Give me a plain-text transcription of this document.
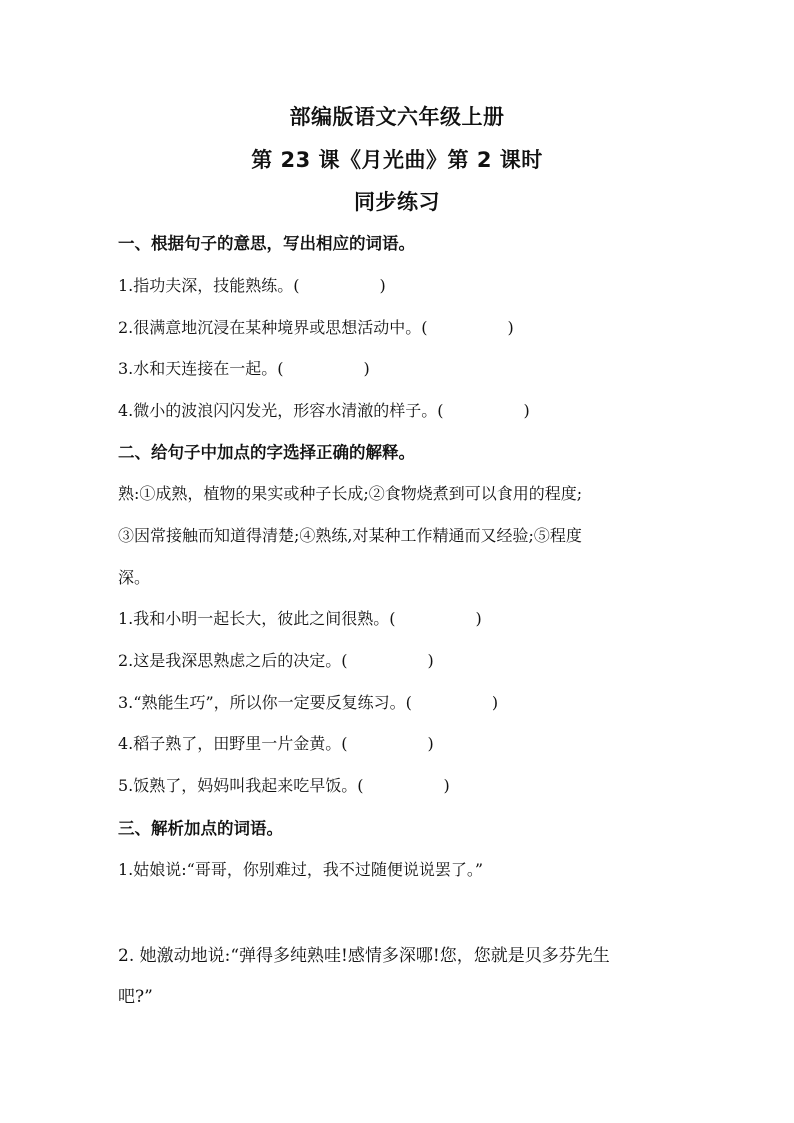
部编版语文六年级上册
第 23 课《月光曲》第 2 课时
同步练习
一、根据句子的意思，写出相应的词语。
1.指功夫深，技能熟练。(　　　　　)
2.很满意地沉浸在某种境界或思想活动中。(　　　　　)
3.水和天连接在一起。(　　　　　)
4.微小的波浪闪闪发光，形容水清澈的样子。(　　　　　)
二、给句子中加点的字选择正确的解释。
熟:①成熟，植物的果实或种子长成;②食物烧煮到可以食用的程度;
③因常接触而知道得清楚;④熟练,对某种工作精通而又经验;⑤程度
深。
1.我和小明一起长大，彼此之间很熟。(　　　　　)
2.这是我深思熟虑之后的决定。(　　　　　)
3.“熟能生巧”，所以你一定要反复练习。(　　　　　)
4.稻子熟了，田野里一片金黄。(　　　　　)
5.饭熟了，妈妈叫我起来吃早饭。(　　　　　)
三、解析加点的词语。
1.姑娘说:“哥哥，你别难过，我不过随便说说罢了。”
2. 她激动地说:“弹得多纯熟哇!感情多深哪!您，您就是贝多芬先生
吧?”
